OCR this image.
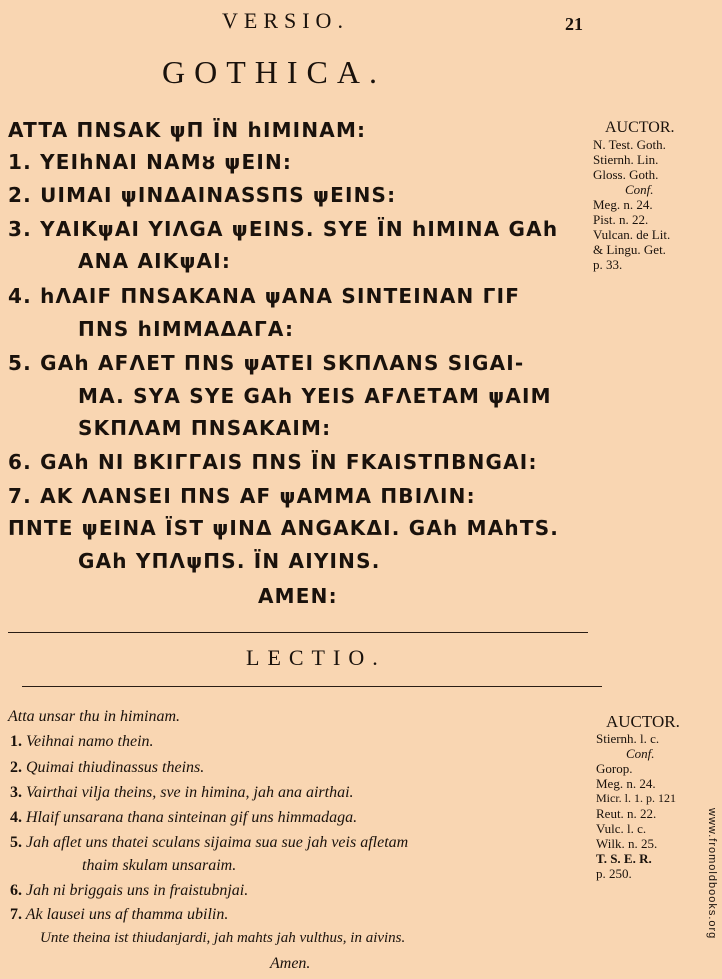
VERSIO.	21
GOTHICA.
ATTA ΠNSAK ψΠ ÏN hIMINAM:
1. ΥEIhNAI NAMȣ ψEIN:
2. ᑌIMAI ψINΔΑΙΝΑSSΠS ψEINS:
3. ΥΑΙΚψΑΙ ΥΙΛGΑ ψEINS. SΥE ÏN hIMINA GAh
ANA ΑΙΚψΑΙ:
4. hΛΑΙF ΠNSAKANA ψANA SINTEINAN ΓIF
ΠNS hIMMAΔAΓA:
5. GAh AFΛET ΠNS ψATEI SKΠΛΑΝS SIGAI-
MA. SΥA SΥE GAh ΥEIS AFΛEΤΑΜ ψΑΙΜ
SKΠΛΑΜ ΠNSAKAIM:
6. GAh NI BKIΓΓAIS ΠNS ÏN FKAISTΠΒNGAI:
7. AK ΛΑΝSEI ΠNS AF ψAMMA ΠBIΛIN:
ΠNTE ψEINA ÏST ψINΔ ANGAKΔI. GAh MAhTS.
GAh ΥΠΛψΠS. ÏN AIΥINS.
AMEN:
AUCTOR.
N. Test. Goth.
Stiernh. Lin.
Gloss. Goth.
Conf.
Meg. n. 24.
Pist. n. 22.
Vulcan. de Lit.
& Lingu. Get.
p. 33.
LECTIO.
Atta unsar thu in himinam.
1. Veihnai namo thein.
2. Quimai thiudinassus theins.
3. Vairthai vilja theins, sve in himina, jah ana airthai.
4. Hlaif unsarana thana sinteinan gif uns himmadaga.
5. Jah aflet uns thatei sculans sijaima sua sue jah veis afletam
thaim skulam unsaraim.
6. Jah ni briggais uns in fraistubnjai.
7. Ak lausei uns af thamma ubilin.
Unte theina ist thiudanjardi, jah mahts jah vulthus, in aivins.
Amen.
AUCTOR.
Stiernh. l. c.
Conf.
Gorop.
Meg. n. 24.
Micr. l. 1. p. 121
Reut. n. 22.
Vulc. l. c.
Wilk. n. 25.
T. S. E. R.
p. 250.	www.fromoldbooks.org
